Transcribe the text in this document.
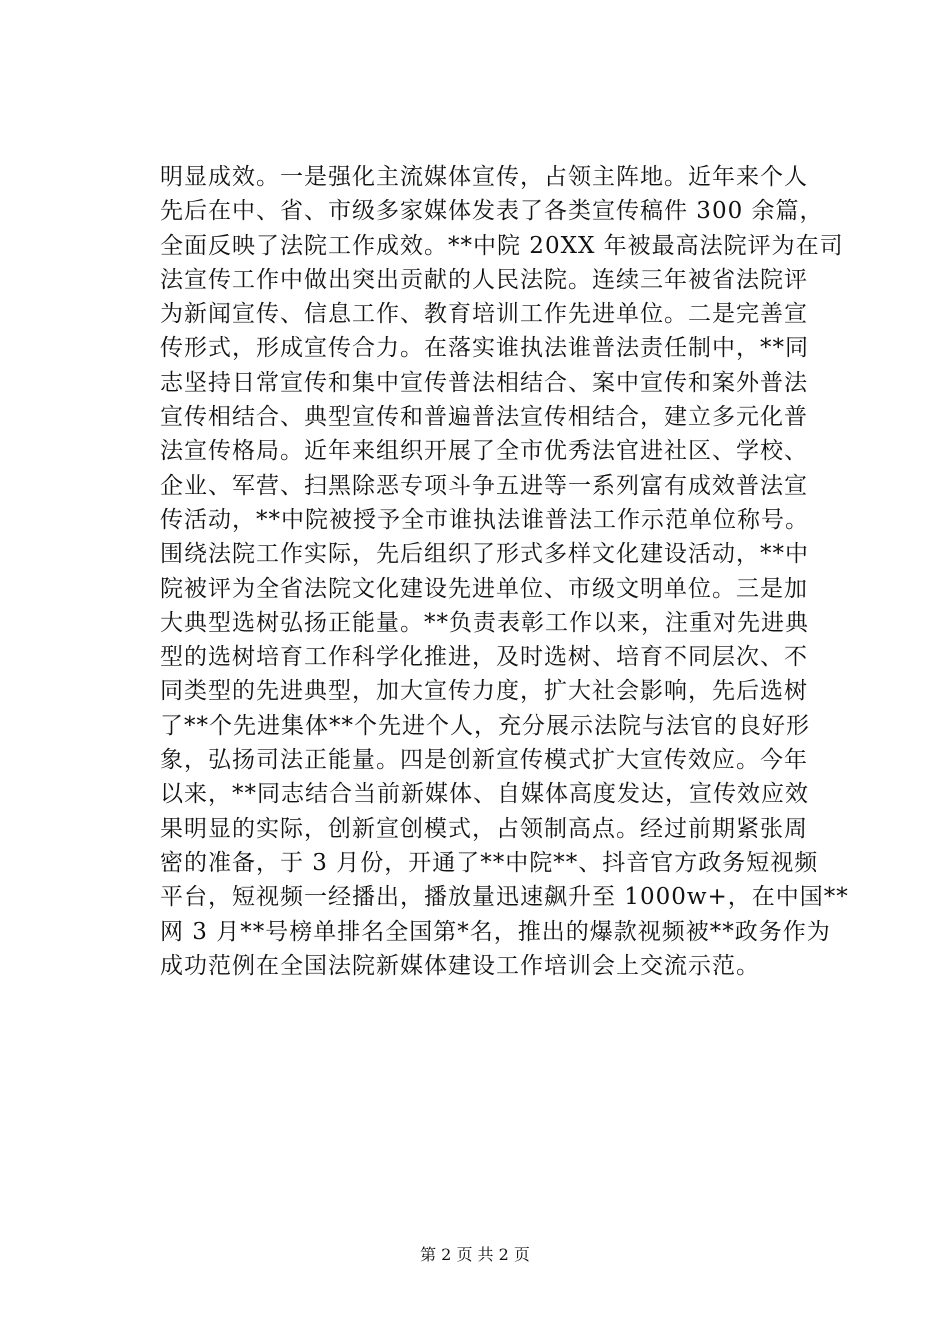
明显成效。一是强化主流媒体宣传，占领主阵地。近年来个人
先后在中、省、市级多家媒体发表了各类宣传稿件 300 余篇，
全面反映了法院工作成效。**中院 20XX 年被最高法院评为在司
法宣传工作中做出突出贡献的人民法院。连续三年被省法院评
为新闻宣传、信息工作、教育培训工作先进单位。二是完善宣
传形式，形成宣传合力。在落实谁执法谁普法责任制中，**同
志坚持日常宣传和集中宣传普法相结合、案中宣传和案外普法
宣传相结合、典型宣传和普遍普法宣传相结合，建立多元化普
法宣传格局。近年来组织开展了全市优秀法官进社区、学校、
企业、军营、扫黑除恶专项斗争五进等一系列富有成效普法宣
传活动，**中院被授予全市谁执法谁普法工作示范单位称号。
围绕法院工作实际，先后组织了形式多样文化建设活动，**中
院被评为全省法院文化建设先进单位、市级文明单位。三是加
大典型选树弘扬正能量。**负责表彰工作以来，注重对先进典
型的选树培育工作科学化推进，及时选树、培育不同层次、不
同类型的先进典型，加大宣传力度，扩大社会影响，先后选树
了**个先进集体**个先进个人，充分展示法院与法官的良好形
象，弘扬司法正能量。四是创新宣传模式扩大宣传效应。今年
以来，**同志结合当前新媒体、自媒体高度发达，宣传效应效
果明显的实际，创新宣创模式，占领制高点。经过前期紧张周
密的准备，于 3 月份，开通了**中院**、抖音官方政务短视频
平台，短视频一经播出，播放量迅速飙升至 1000w+，在中国**
网 3 月**号榜单排名全国第*名，推出的爆款视频被**政务作为
成功范例在全国法院新媒体建设工作培训会上交流示范。
第 2 页 共 2 页
